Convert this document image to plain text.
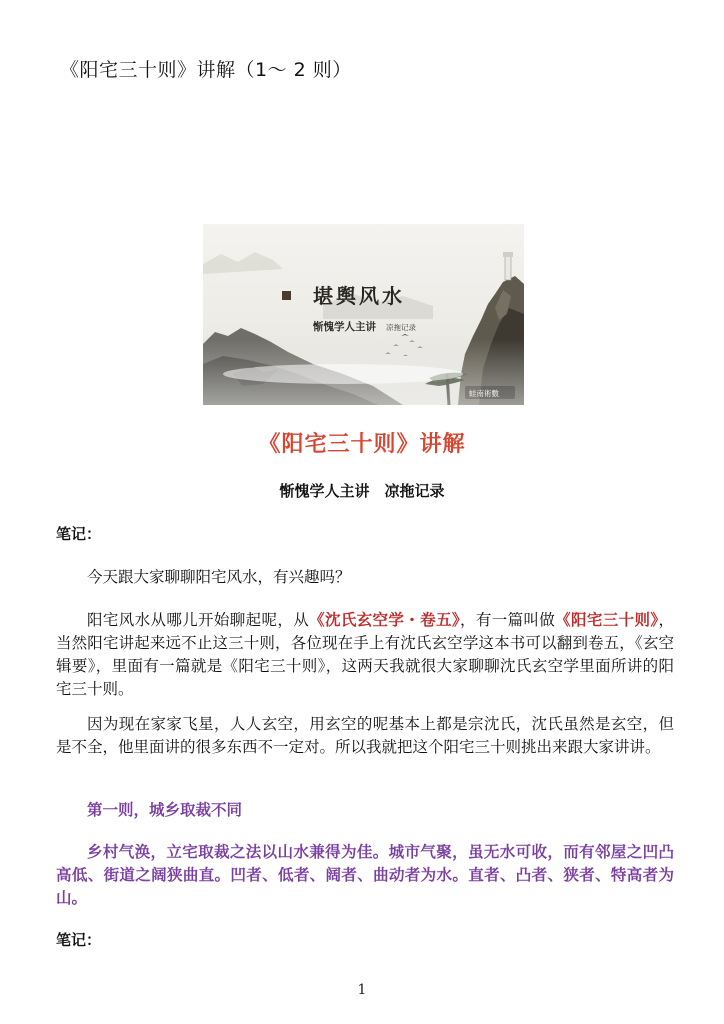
《阳宅三十则》讲解（1～ 2 则）
堪舆风水
惭愧学人主讲 凉拖记录
蛙南術數
《阳宅三十则》讲解
惭愧学人主讲　凉拖记录
笔记：
今天跟大家聊聊阳宅风水，有兴趣吗？
阳宅风水从哪儿开始聊起呢，从《沈氏玄空学・卷五》，有一篇叫做《阳宅三十则》，当然阳宅讲起来远不止这三十则，各位现在手上有沈氏玄空学这本书可以翻到卷五，《玄空辑要》，里面有一篇就是《阳宅三十则》，这两天我就很大家聊聊沈氏玄空学里面所讲的阳宅三十则。
因为现在家家飞星，人人玄空，用玄空的呢基本上都是宗沈氏，沈氏虽然是玄空，但是不全，他里面讲的很多东西不一定对。所以我就把这个阳宅三十则挑出来跟大家讲讲。
第一则，城乡取裁不同
乡村气涣，立宅取裁之法以山水兼得为佳。城市气聚，虽无水可收，而有邻屋之凹凸高低、街道之阔狭曲直。凹者、低者、阔者、曲动者为水。直者、凸者、狭者、特高者为山。
笔记：
1
